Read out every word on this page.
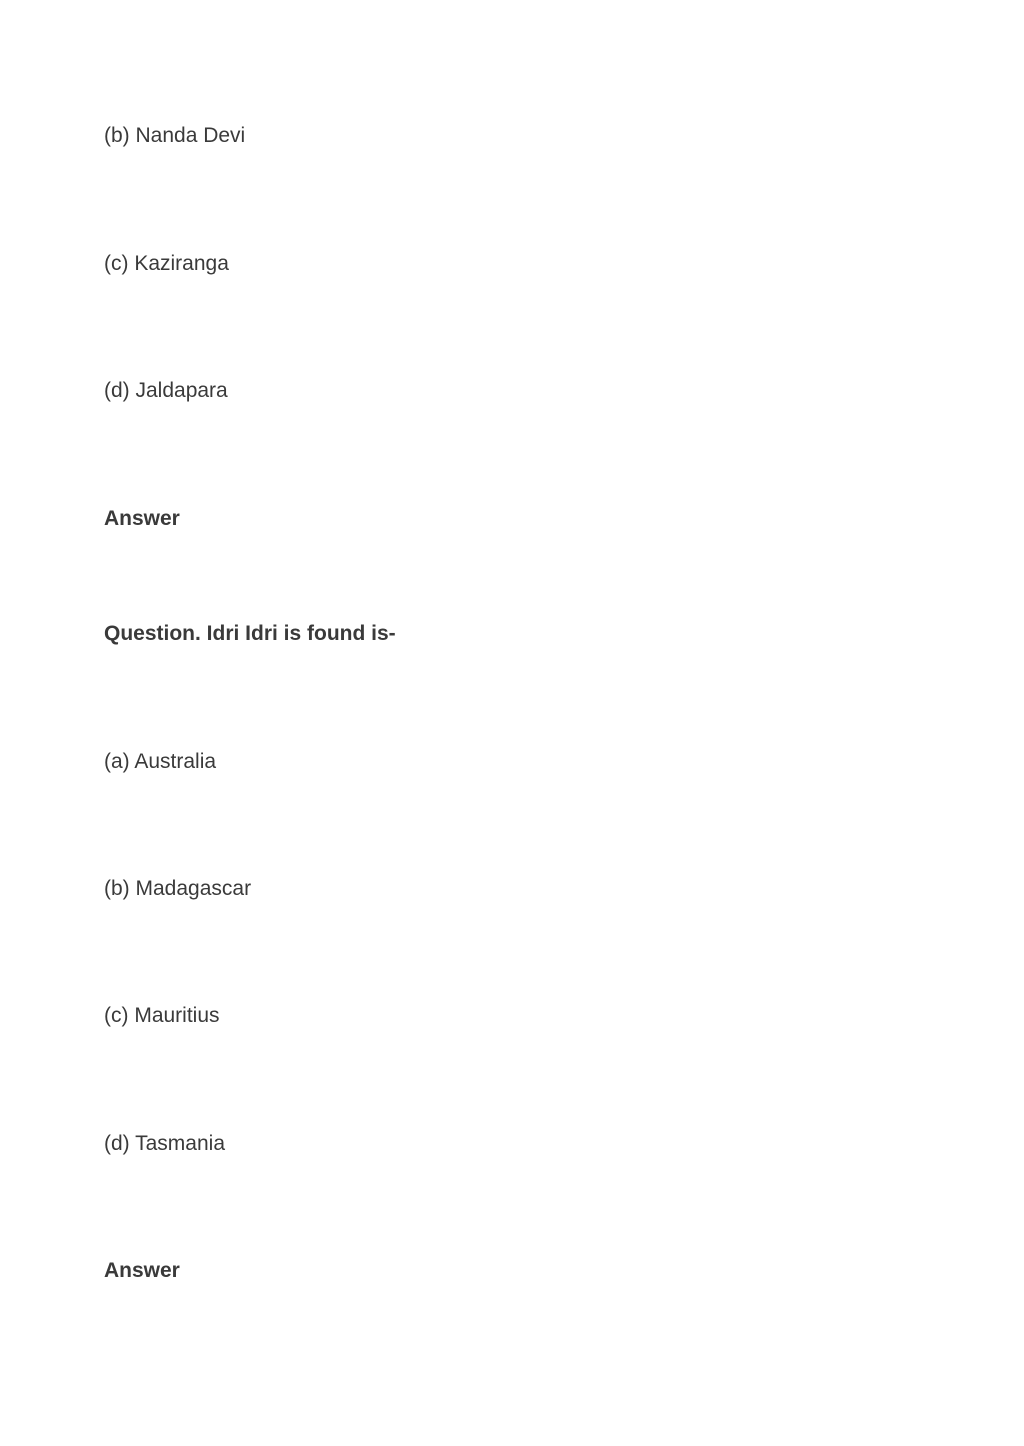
(b) Nanda Devi
(c) Kaziranga
(d) Jaldapara
Answer
Question. Idri Idri is found is-
(a) Australia
(b) Madagascar
(c) Mauritius
(d) Tasmania
Answer
